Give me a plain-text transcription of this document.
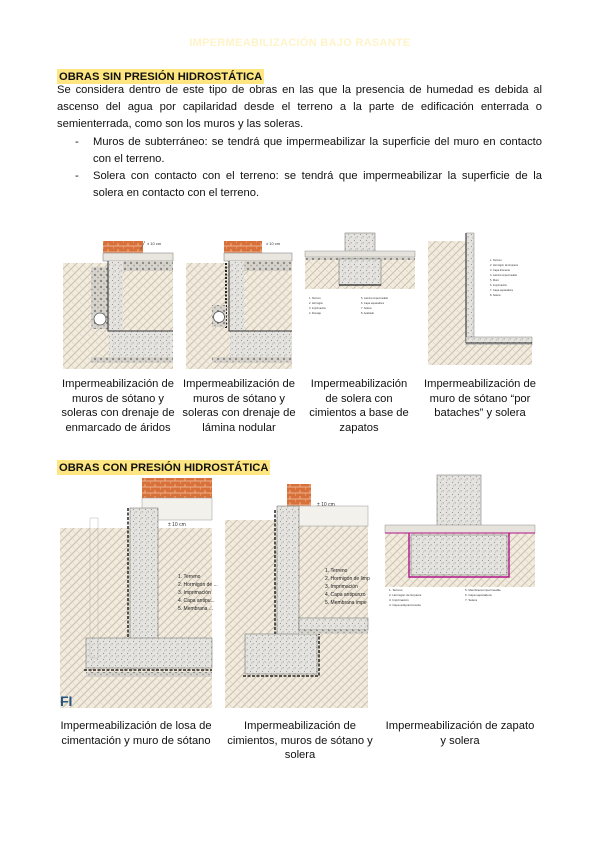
IMPERMEABILIZACIÓN BAJO RASANTE
OBRAS SIN PRESIÓN HIDROSTÁTICA

Se considera dentro de este tipo de obras en las que la presencia de humedad es debida al ascenso del agua por capilaridad desde el terreno a la parte de edificación enterrada o semienterrada, como son los muros y las soleras.

- Muros de subterráneo: se tendrá que impermeabilizar la superficie del muro en contacto con el terreno.
- Solera con contacto con el terreno: se tendrá que impermeabilizar la superficie de la solera en contacto con el terreno.
± 10 cm
Impermeabilización de muros de sótano y soleras con drenaje de enmarcado de áridos
± 10 cm
Impermeabilización de muros de sótano y soleras con drenaje de lámina nodular
1. Terreno
2. Hormigón
3. Imprimación
4. Drenaje
5. Lámina impermeable
6. Capa separadora
7. Solera
8. Acabado
Impermeabilización de solera con cimientos a base de zapatos
1. Terreno
2. Hormigón de limpieza
3. Capa drenante
4. Lámina impermeable
5. Muro
6. Imprimación
7. Capa separadora
8. Solera
Impermeabilización de muro de sótano “por bataches” y solera
OBRAS CON PRESIÓN HIDROSTÁTICA
± 10 cm
1. Terreno
2. Hormigón de ...
3. Imprimación
4. Capa antipu...
5. Membrana ...
FI
Impermeabilización de losa de cimentación y muro de sótano
± 10 cm
1. Terreno
2. Hormigón de limp
3. Imprimación
4. Capa antipunzo
5. Membrana impe
Impermeabilización de cimientos, muros de sótano y solera
1. Terreno
2. Hormigón de limpieza
3. Imprimación
4. Capa antipunzonante
5. Membrana impermeable
6. Capa separadora
7. Solera
Impermeabilización de zapato y solera
